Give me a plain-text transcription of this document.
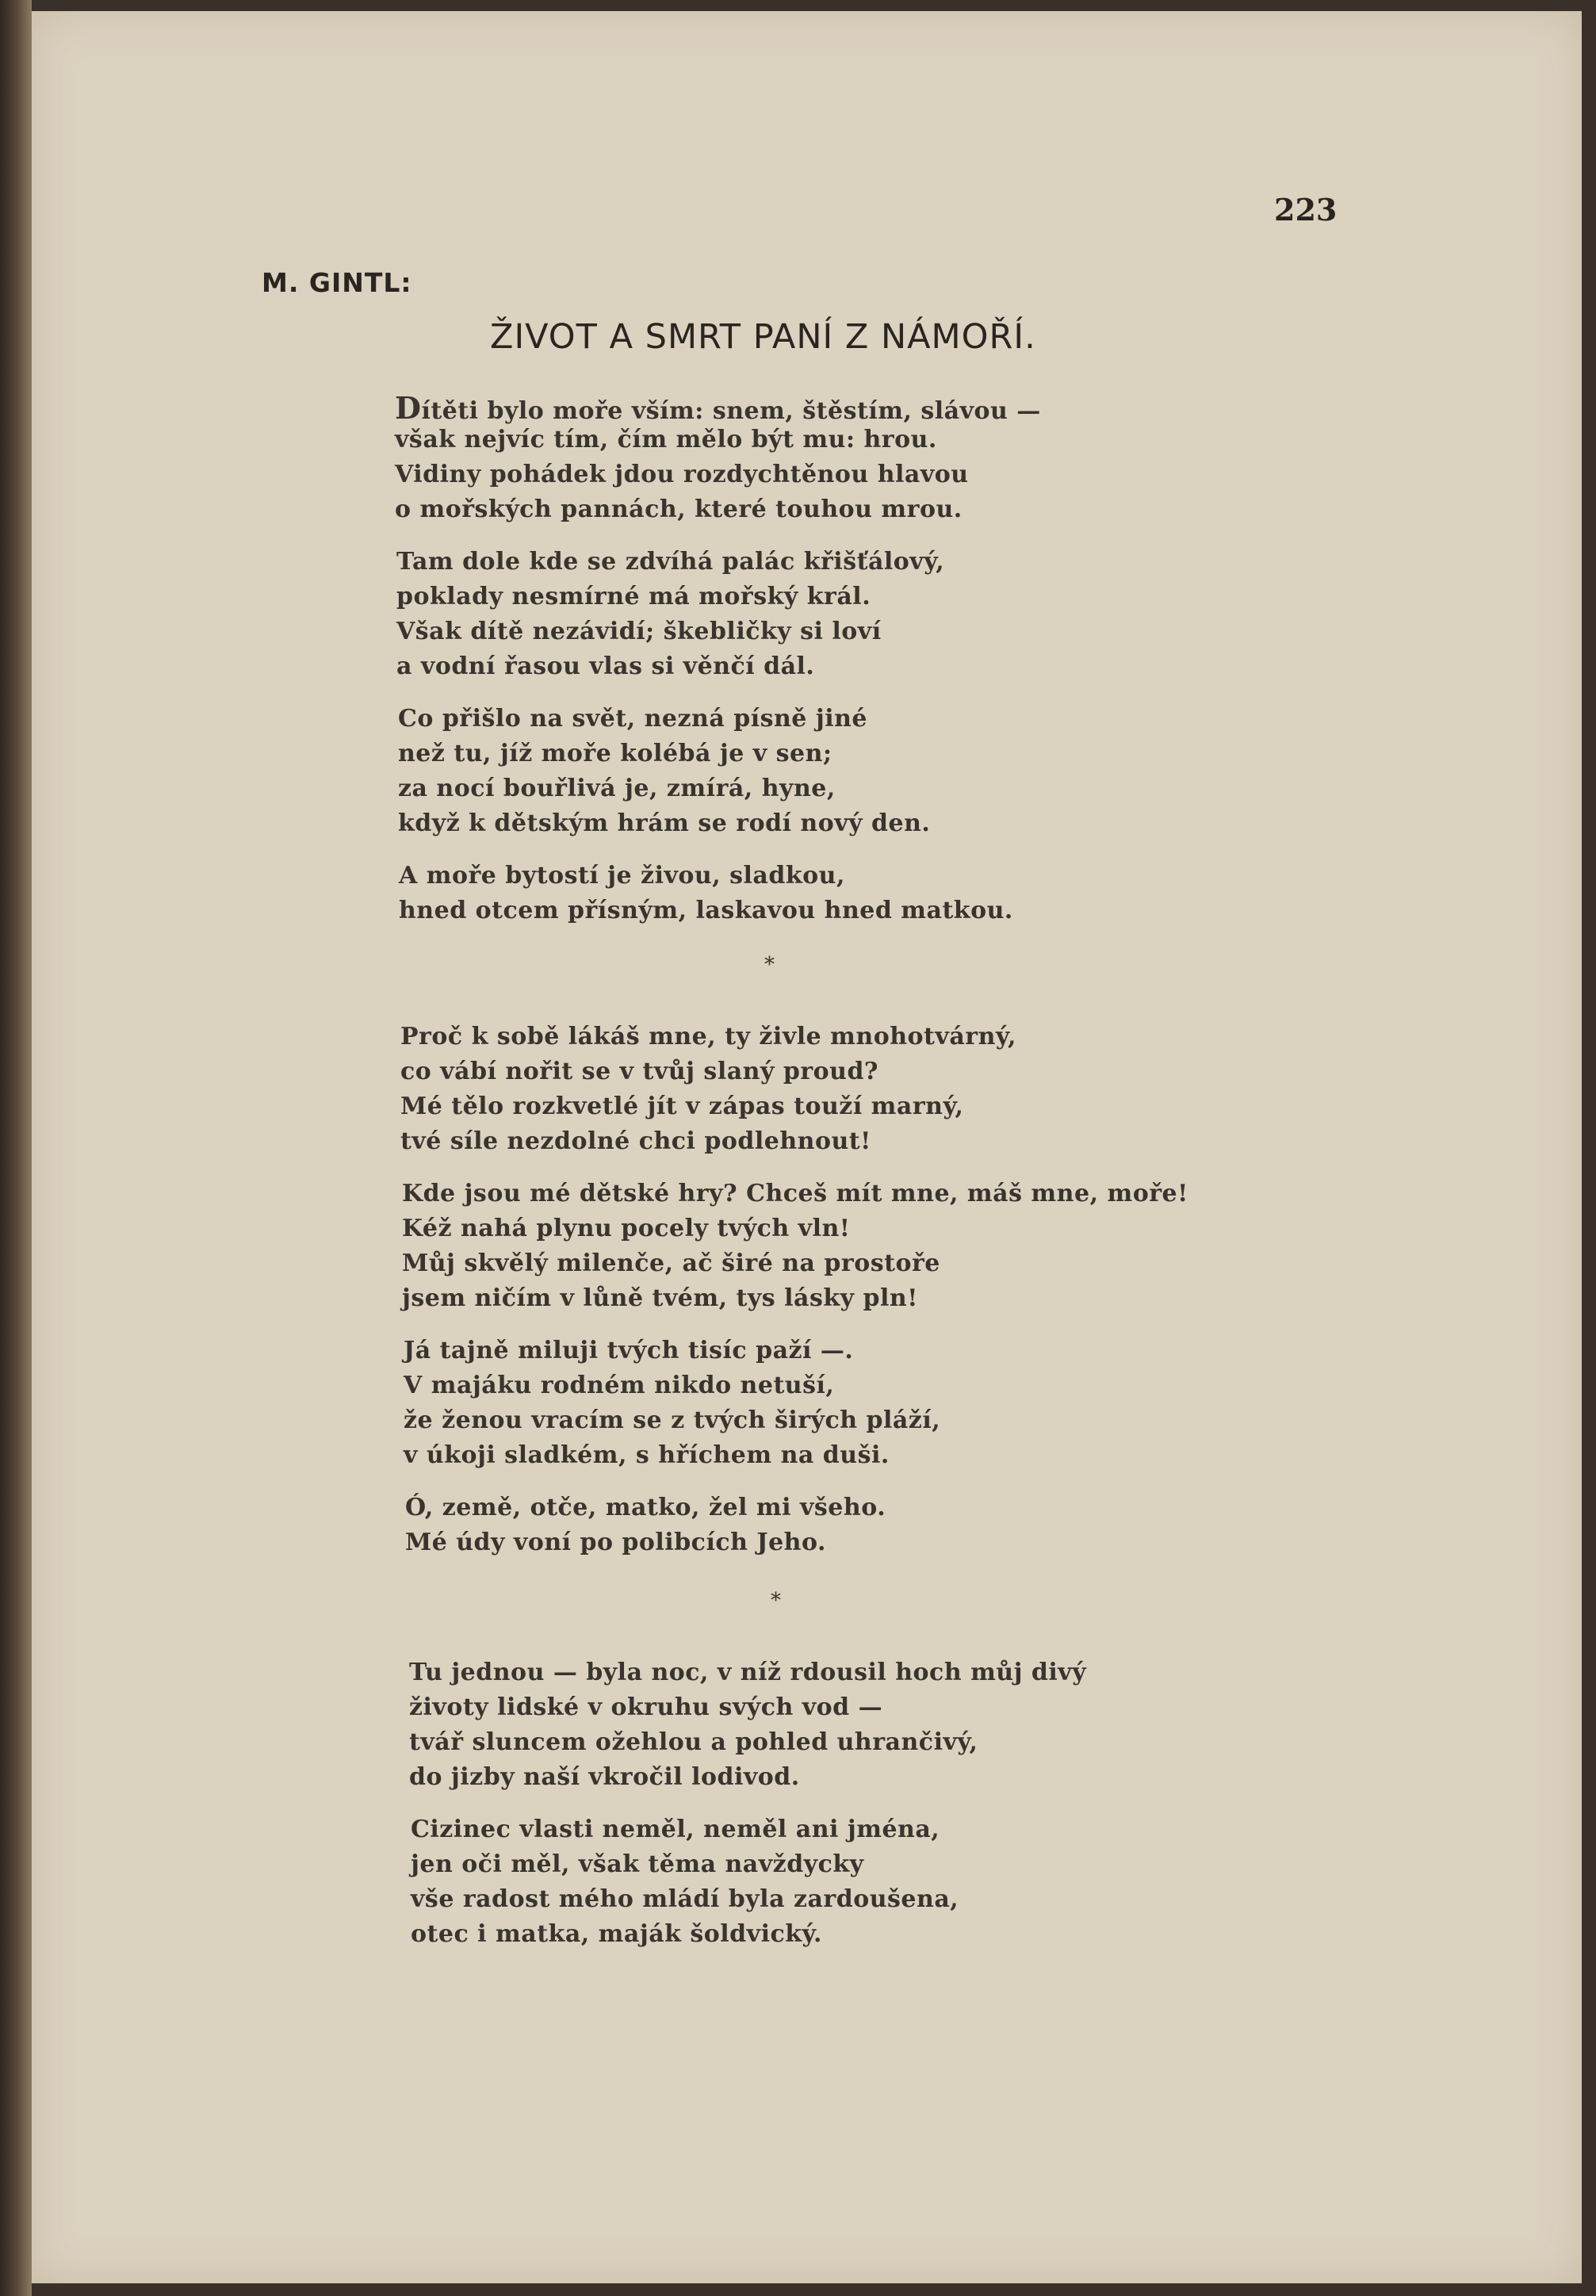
223

M. GINTL:

ŽIVOT A SMRT PANÍ Z NÁMOŘÍ.

Dítěti bylo moře vším: snem, štěstím, slávou —

však nejvíc tím, čím mělo být mu: hrou.

Vidiny pohádek jdou rozdychtěnou hlavou

o mořských pannách, které touhou mrou.

Tam dole kde se zdvíhá palác křišťálový,

poklady nesmírné má mořský král.

Však dítě nezávidí; škebličky si loví

a vodní řasou vlas si věnčí dál.

Co přišlo na svět, nezná písně jiné

než tu, jíž moře kolébá je v sen;

za nocí bouřlivá je, zmírá, hyne,

když k dětským hrám se rodí nový den.

A moře bytostí je živou, sladkou,

hned otcem přísným, laskavou hned matkou.

*

Proč k sobě lákáš mne, ty živle mnohotvárný,

co vábí nořit se v tvůj slaný proud?

Mé tělo rozkvetlé jít v zápas touží marný,

tvé síle nezdolné chci podlehnout!

Kde jsou mé dětské hry? Chceš mít mne, máš mne, moře!

Kéž nahá plynu pocely tvých vln!

Můj skvělý milenče, ač širé na prostoře

jsem ničím v lůně tvém, tys lásky pln!

Já tajně miluji tvých tisíc paží —.

V majáku rodném nikdo netuší,

že ženou vracím se z tvých širých pláží,

v úkoji sladkém, s hříchem na duši.

Ó, země, otče, matko, žel mi všeho.

Mé údy voní po polibcích Jeho.

*

Tu jednou — byla noc, v níž rdousil hoch můj divý

životy lidské v okruhu svých vod —

tvář sluncem ožehlou a pohled uhrančivý,

do jizby naší vkročil lodivod.

Cizinec vlasti neměl, neměl ani jména,

jen oči měl, však těma navždycky

vše radost mého mládí byla zardoušena,

otec i matka, maják šoldvický.
